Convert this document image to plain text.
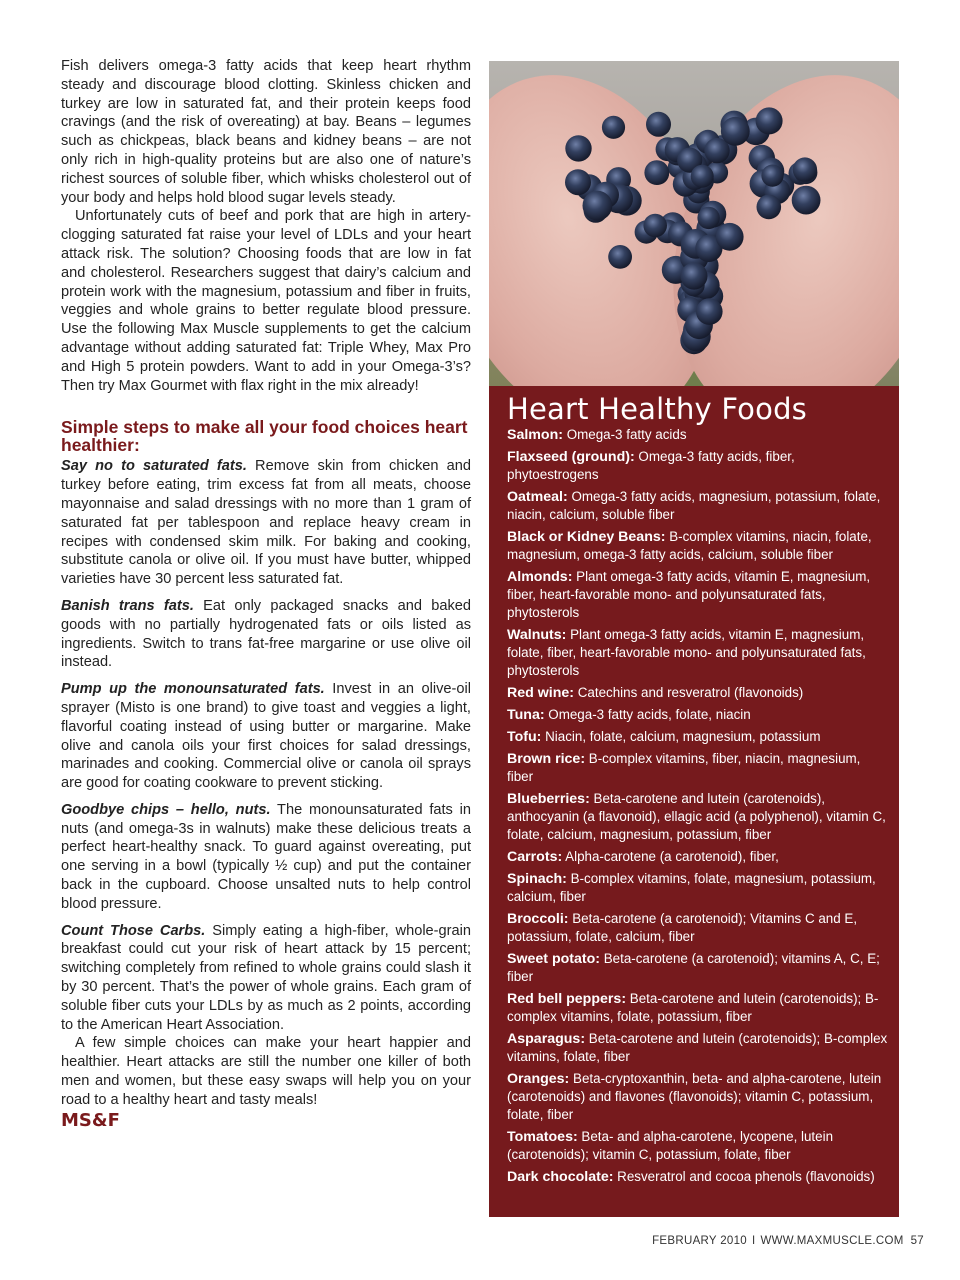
Fish delivers omega-3 fatty acids that keep heart rhythm steady and discourage blood clotting. Skinless chicken and turkey are low in saturated fat, and their protein keeps food cravings (and the risk of overeating) at bay. Beans – legumes such as chickpeas, black beans and kidney beans – are not only rich in high-quality proteins but are also one of nature’s richest sources of soluble fiber, which whisks cholesterol out of your body and helps hold blood sugar levels steady.

Unfortunately cuts of beef and pork that are high in artery-clogging saturated fat raise your level of LDLs and your heart attack risk. The solution? Choosing foods that are low in fat and cholesterol. Researchers suggest that dairy’s calcium and protein work with the magnesium, potassium and fiber in fruits, veggies and whole grains to better regulate blood pressure. Use the following Max Muscle supplements to get the calcium advantage without adding saturated fat: Triple Whey, Max Pro and High 5 protein powders. Want to add in your Omega-3’s? Then try Max Gourmet with flax right in the mix already!

Simple steps to make all your food choices heart healthier:

Say no to saturated fats. Remove skin from chicken and turkey before eating, trim excess fat from all meats, choose mayonnaise and salad dressings with no more than 1 gram of saturated fat per tablespoon and replace heavy cream in recipes with condensed skim milk. For baking and cooking, substitute canola or olive oil. If you must have butter, whipped varieties have 30 percent less saturated fat.

Banish trans fats. Eat only packaged snacks and baked goods with no partially hydrogenated fats or oils listed as ingredients. Switch to trans fat-free margarine or use olive oil instead.

Pump up the monounsaturated fats. Invest in an olive-oil sprayer (Misto is one brand) to give toast and veggies a light, flavorful coating instead of using butter or margarine. Make olive and canola oils your first choices for salad dressings, marinades and cooking. Commercial olive or canola oil sprays are good for coating cookware to prevent sticking.

Goodbye chips – hello, nuts. The monounsaturated fats in nuts (and omega-3s in walnuts) make these delicious treats a perfect heart-healthy snack. To guard against overeating, put one serving in a bowl (typically ½ cup) and put the container back in the cupboard. Choose unsalted nuts to help control blood pressure.

Count Those Carbs. Simply eating a high-fiber, whole-grain breakfast could cut your risk of heart attack by 15 percent; switching completely from refined to whole grains could slash it by 30 percent. That’s the power of whole grains. Each gram of soluble fiber cuts your LDLs by as much as 2 points, according to the American Heart Association.

A few simple choices can make your heart happier and healthier. Heart attacks are still the number one killer of both men and women, but these easy swaps will help you on your road to a healthy heart and tasty meals!

MS&F
Heart Healthy Foods
Salmon: Omega-3 fatty acids
Flaxseed (ground): Omega-3 fatty acids, fiber, phytoestrogens
Oatmeal: Omega-3 fatty acids, magnesium, potassium, folate, niacin, calcium, soluble fiber
Black or Kidney Beans: B-complex vitamins, niacin, folate, magnesium, omega-3 fatty acids, calcium, soluble fiber
Almonds: Plant omega-3 fatty acids, vitamin E, magnesium, fiber, heart-favorable mono- and polyunsaturated fats, phytosterols
Walnuts: Plant omega-3 fatty acids, vitamin E, magnesium, folate, fiber, heart-favorable mono- and polyunsaturated fats, phytosterols
Red wine: Catechins and resveratrol (flavonoids)
Tuna: Omega-3 fatty acids, folate, niacin
Tofu: Niacin, folate, calcium, magnesium, potassium
Brown rice: B-complex vitamins, fiber, niacin, magnesium, fiber
Blueberries: Beta-carotene and lutein (carotenoids), anthocyanin (a flavonoid), ellagic acid (a polyphenol), vitamin C, folate, calcium, magnesium, potassium, fiber
Carrots: Alpha-carotene (a carotenoid), fiber,
Spinach: B-complex vitamins, folate, magnesium, potassium, calcium, fiber
Broccoli: Beta-carotene (a carotenoid); Vitamins C and E, potassium, folate, calcium, fiber
Sweet potato: Beta-carotene (a carotenoid); vitamins A, C, E; fiber
Red bell peppers: Beta-carotene and lutein (carotenoids); B-complex vitamins, folate, potassium, fiber
Asparagus: Beta-carotene and lutein (carotenoids); B-complex vitamins, folate, fiber
Oranges: Beta-cryptoxanthin, beta- and alpha-carotene, lutein (carotenoids) and flavones (flavonoids); vitamin C, potassium, folate, fiber
Tomatoes: Beta- and alpha-carotene, lycopene, lutein (carotenoids); vitamin C, potassium, folate, fiber
Dark chocolate: Resveratrol and cocoa phenols (flavonoids)
FEBRUARY 2010 I WWW.MAXMUSCLE.COM 57
